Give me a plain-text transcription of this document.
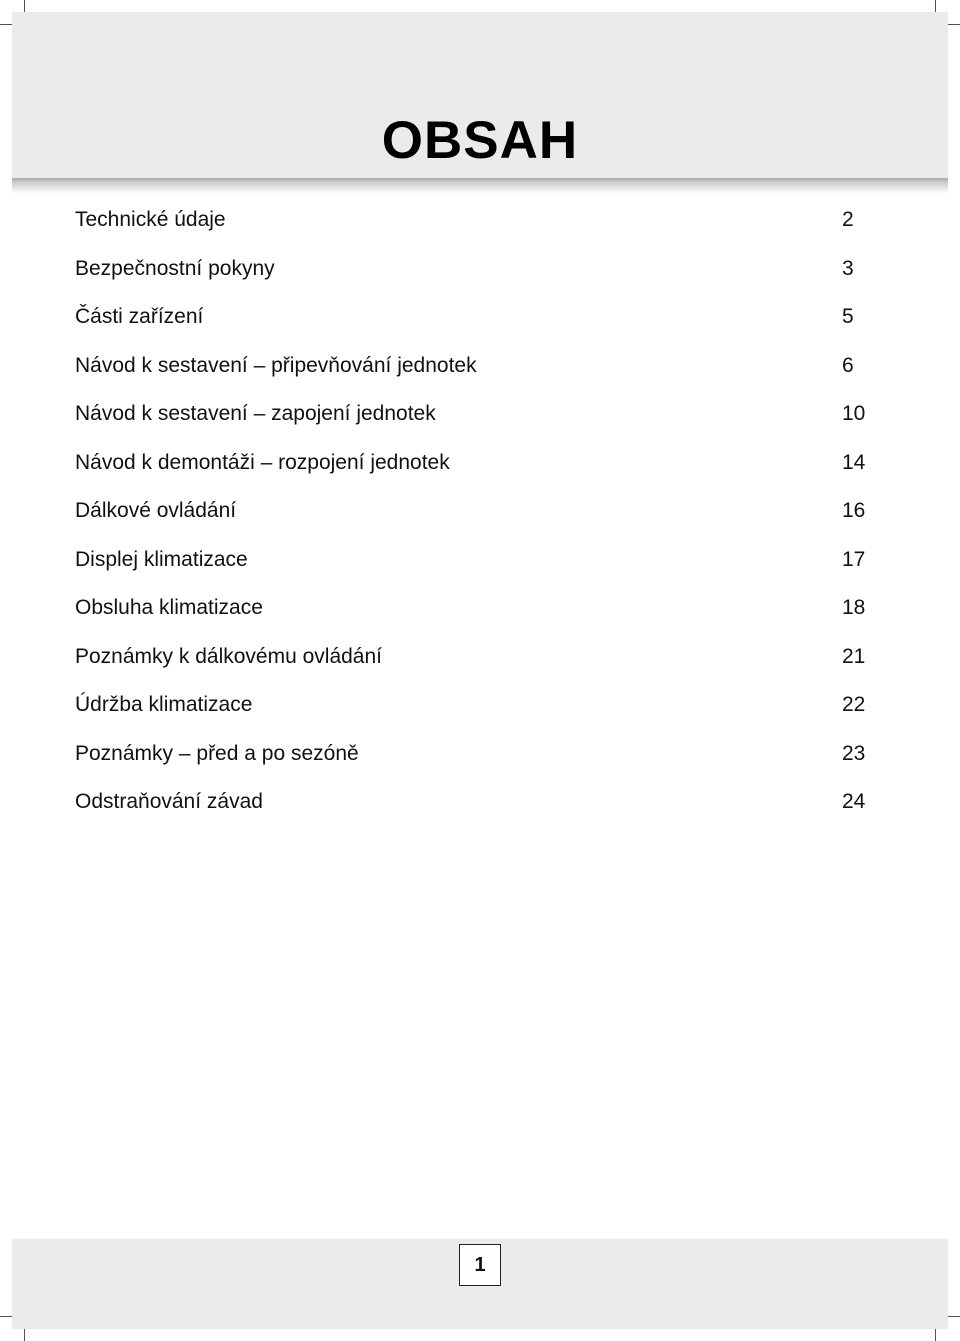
OBSAH
Technické údaje	2
Bezpečnostní pokyny	3
Části zařízení	5
Návod k sestavení – připevňování jednotek	6
Návod k sestavení – zapojení jednotek	10
Návod k demontáži – rozpojení jednotek	14
Dálkové ovládání	16
Displej klimatizace	17
Obsluha klimatizace	18
Poznámky k dálkovému ovládání	21
Údržba klimatizace	22
Poznámky – před a po sezóně	23
Odstraňování závad	24
1
